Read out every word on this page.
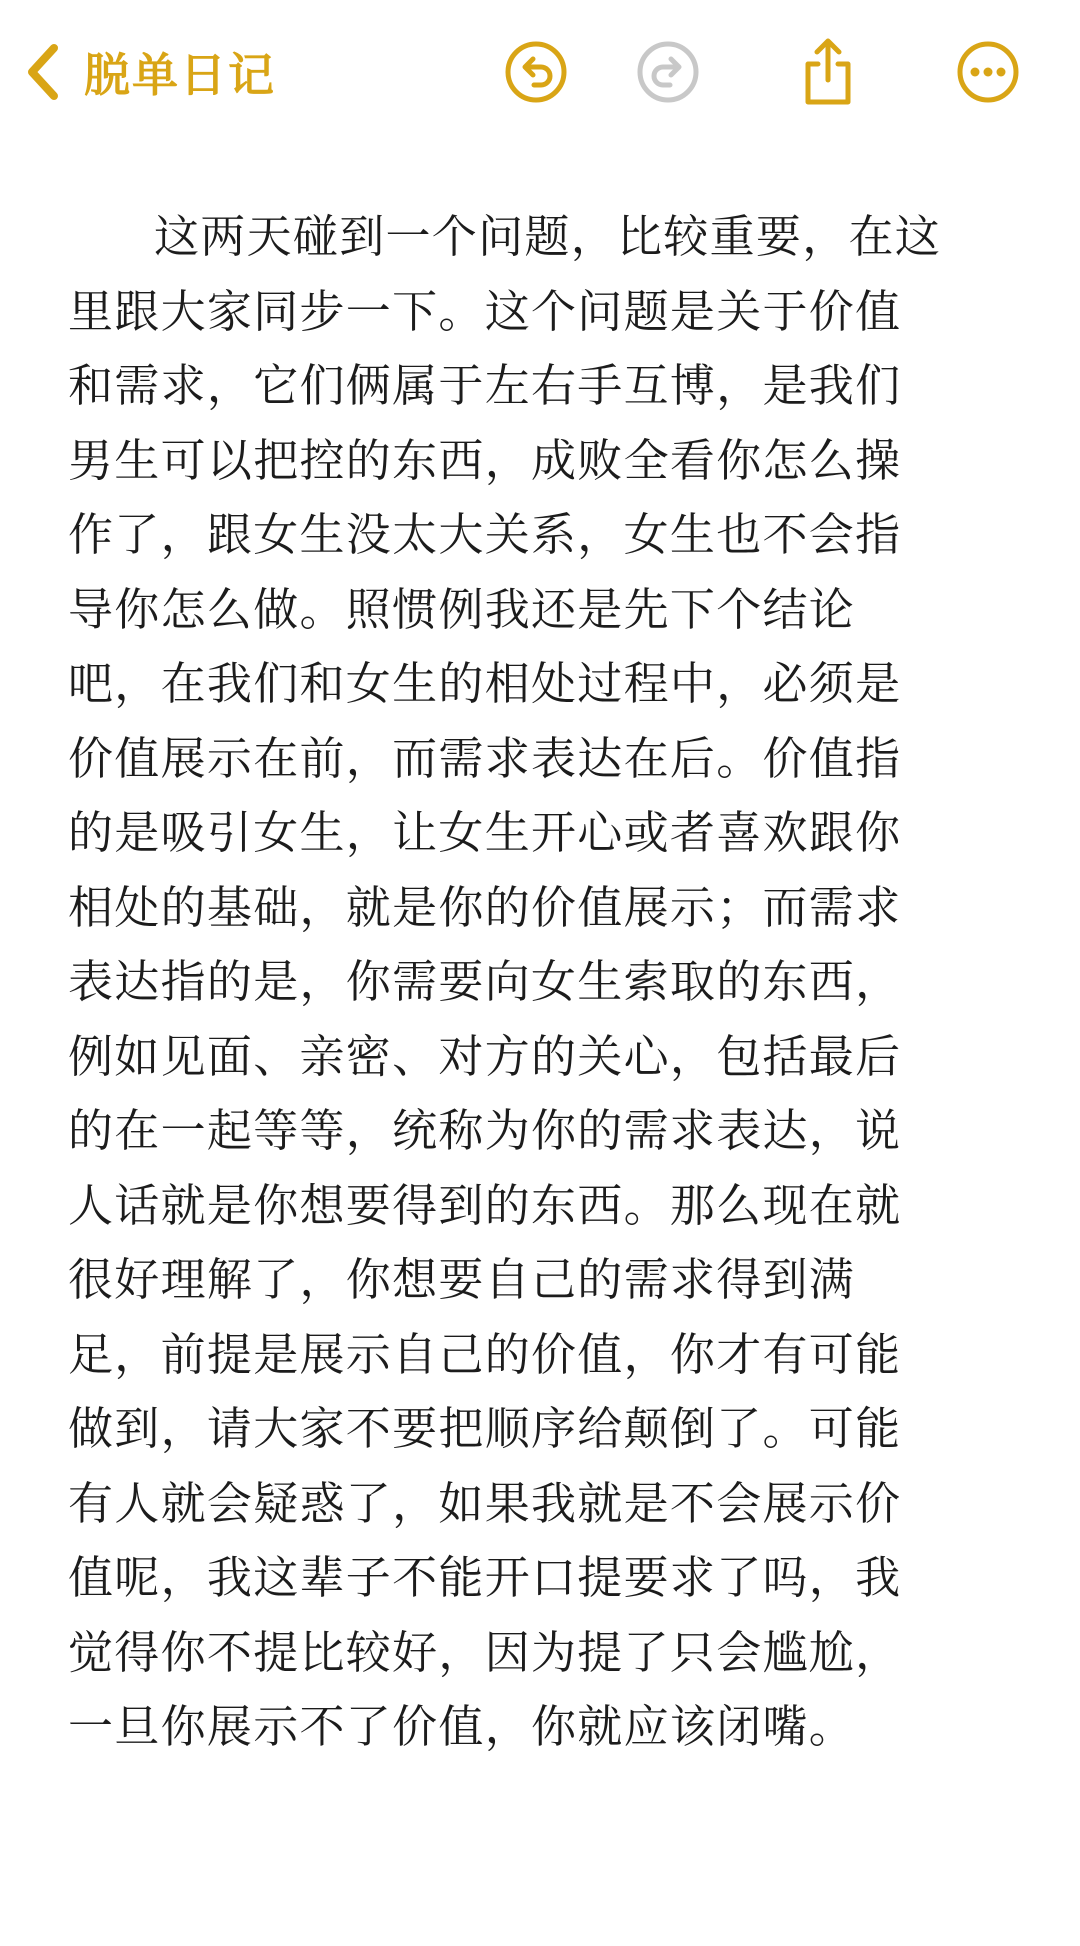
脱单日记
这两天碰到一个问题，比较重要，在这
里跟大家同步一下。这个问题是关于价值
和需求，它们俩属于左右手互博，是我们
男生可以把控的东西，成败全看你怎么操
作了，跟女生没太大关系，女生也不会指
导你怎么做。照惯例我还是先下个结论
吧，在我们和女生的相处过程中，必须是
价值展示在前，而需求表达在后。价值指
的是吸引女生，让女生开心或者喜欢跟你
相处的基础，就是你的价值展示；而需求
表达指的是，你需要向女生索取的东西，
例如见面、亲密、对方的关心，包括最后
的在一起等等，统称为你的需求表达，说
人话就是你想要得到的东西。那么现在就
很好理解了，你想要自己的需求得到满
足，前提是展示自己的价值，你才有可能
做到，请大家不要把顺序给颠倒了。可能
有人就会疑惑了，如果我就是不会展示价
值呢，我这辈子不能开口提要求了吗，我
觉得你不提比较好，因为提了只会尴尬，
一旦你展示不了价值，你就应该闭嘴。
